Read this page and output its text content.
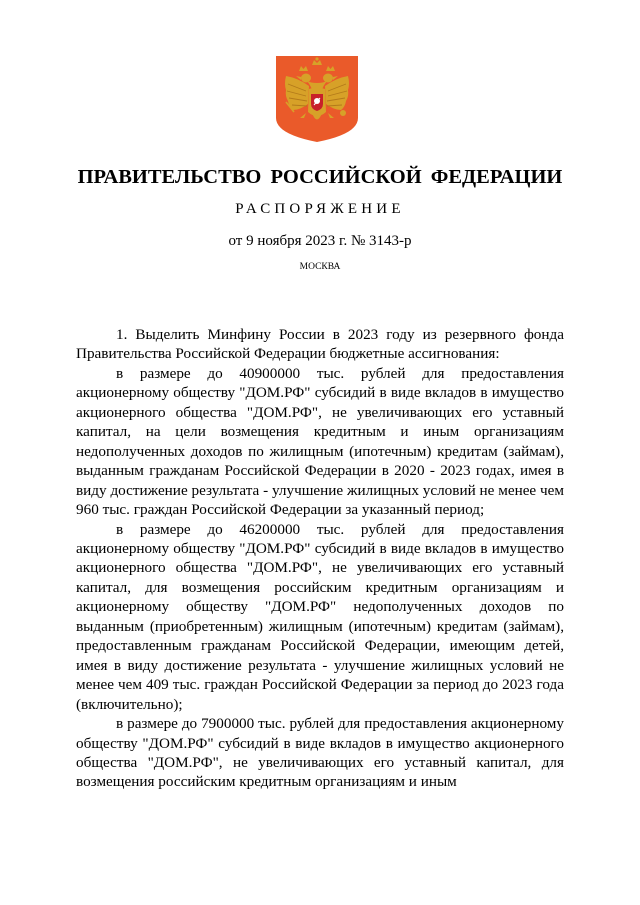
ПРАВИТЕЛЬСТВО РОССИЙСКОЙ ФЕДЕРАЦИИ
РАСПОРЯЖЕНИЕ
от 9 ноября 2023 г. № 3143-р
МОСКВА

1. Выделить Минфину России в 2023 году из резервного фонда Правительства Российской Федерации бюджетные ассигнования:

в размере до 40900000 тыс. рублей для предоставления акционерному обществу "ДОМ.РФ" субсидий в виде вкладов в имущество акционерного общества "ДОМ.РФ", не увеличивающих его уставный капитал, на цели возмещения кредитным и иным организациям недополученных доходов по жилищным (ипотечным) кредитам (займам), выданным гражданам Российской Федерации в 2020 - 2023 годах, имея в виду достижение результата - улучшение жилищных условий не менее чем 960 тыс. граждан Российской Федерации за указанный период;

в размере до 46200000 тыс. рублей для предоставления акционерному обществу "ДОМ.РФ" субсидий в виде вкладов в имущество акционерного общества "ДОМ.РФ", не увеличивающих его уставный капитал, для возмещения российским кредитным организациям и акционерному обществу "ДОМ.РФ" недополученных доходов по выданным (приобретенным) жилищным (ипотечным) кредитам (займам), предоставленным гражданам Российской Федерации, имеющим детей, имея в виду достижение результата - улучшение жилищных условий не менее чем 409 тыс. граждан Российской Федерации за период до 2023 года (включительно);

в размере до 7900000 тыс. рублей для предоставления акционерному обществу "ДОМ.РФ" субсидий в виде вкладов в имущество акционерного общества "ДОМ.РФ", не увеличивающих его уставный капитал, для возмещения российским кредитным организациям и иным
